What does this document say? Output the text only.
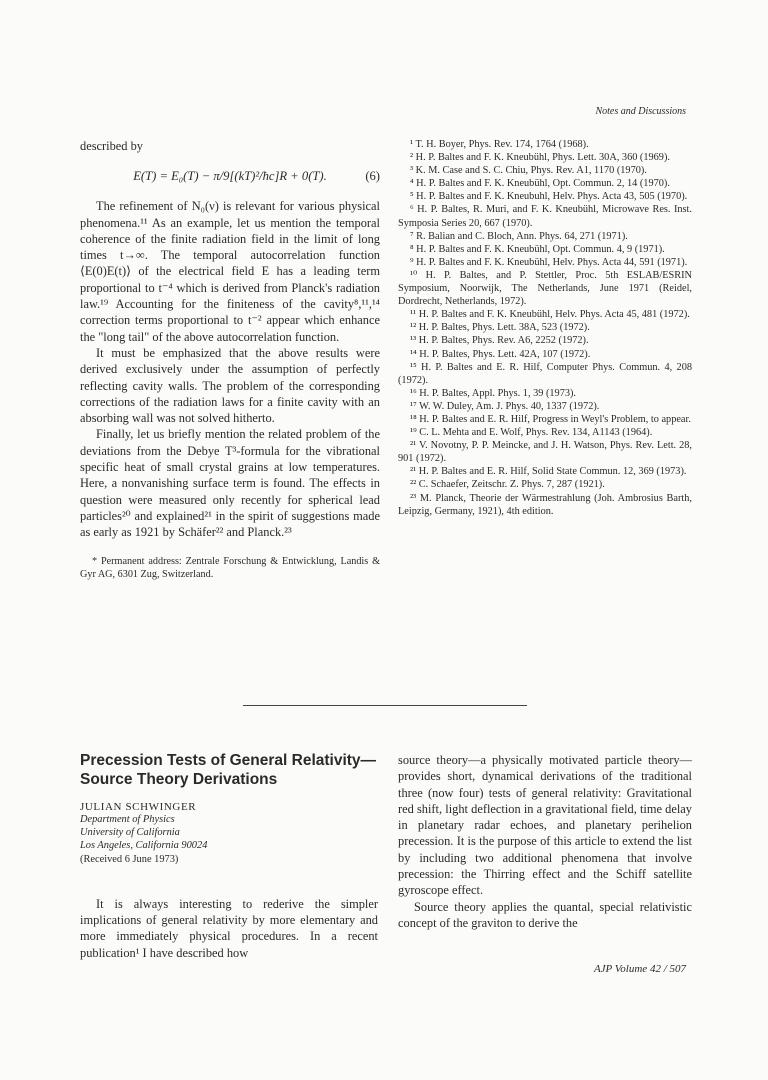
Notes and Discussions

described by

E(T) = E₀(T) − π/9[(kT)²/ħc]R + 0(T).	(6)

The refinement of N₀(ν) is relevant for various physical phenomena.¹¹ As an example, let us mention the temporal coherence of the finite radiation field in the limit of long times t→∞. The temporal autocorrelation function ⟨E(0)E(t)⟩ of the electrical field E has a leading term proportional to t⁻⁴ which is derived from Planck's radiation law.¹⁹ Accounting for the finiteness of the cavity⁸,¹¹,¹⁴ correction terms proportional to t⁻² appear which enhance the "long tail" of the above autocorrelation function.

It must be emphasized that the above results were derived exclusively under the assumption of perfectly reflecting cavity walls. The problem of the corresponding corrections of the radiation laws for a finite cavity with an absorbing wall was not solved hitherto.

Finally, let us briefly mention the related problem of the deviations from the Debye T³-formula for the vibrational specific heat of small crystal grains at low temperatures. Here, a nonvanishing surface term is found. The effects in question were measured only recently for spherical lead particles²⁰ and explained²¹ in the spirit of suggestions made as early as 1921 by Schäfer²² and Planck.²³

* Permanent address: Zentrale Forschung & Entwicklung, Landis & Gyr AG, 6301 Zug, Switzerland.

¹ T. H. Boyer, Phys. Rev. 174, 1764 (1968).
² H. P. Baltes and F. K. Kneubühl, Phys. Lett. 30A, 360 (1969).
³ K. M. Case and S. C. Chiu, Phys. Rev. A1, 1170 (1970).
⁴ H. P. Baltes and F. K. Kneubühl, Opt. Commun. 2, 14 (1970).
⁵ H. P. Baltes and F. K. Kneubuhl, Helv. Phys. Acta 43, 505 (1970).
⁶ H. P. Baltes, R. Muri, and F. K. Kneubühl, Microwave Res. Inst. Symposia Series 20, 667 (1970).
⁷ R. Balian and C. Bloch, Ann. Phys. 64, 271 (1971).
⁸ H. P. Baltes and F. K. Kneubühl, Opt. Commun. 4, 9 (1971).
⁹ H. P. Baltes and F. K. Kneubühl, Helv. Phys. Acta 44, 591 (1971).
¹⁰ H. P. Baltes, and P. Stettler, Proc. 5th ESLAB/ESRIN Symposium, Noorwijk, The Netherlands, June 1971 (Reidel, Dordrecht, Netherlands, 1972).
¹¹ H. P. Baltes and F. K. Kneubühl, Helv. Phys. Acta 45, 481 (1972).
¹² H. P. Baltes, Phys. Lett. 38A, 523 (1972).
¹³ H. P. Baltes, Phys. Rev. A6, 2252 (1972).
¹⁴ H. P. Baltes, Phys. Lett. 42A, 107 (1972).
¹⁵ H. P. Baltes and E. R. Hilf, Computer Phys. Commun. 4, 208 (1972).
¹⁶ H. P. Baltes, Appl. Phys. 1, 39 (1973).
¹⁷ W. W. Duley, Am. J. Phys. 40, 1337 (1972).
¹⁸ H. P. Baltes and E. R. Hilf, Progress in Weyl's Problem, to appear.
¹⁹ C. L. Mehta and E. Wolf, Phys. Rev. 134, A1143 (1964).
²¹ V. Novotny, P. P. Meincke, and J. H. Watson, Phys. Rev. Lett. 28, 901 (1972).
²¹ H. P. Baltes and E. R. Hilf, Solid State Commun. 12, 369 (1973).
²² C. Schaefer, Zeitschr. Z. Phys. 7, 287 (1921).
²³ M. Planck, Theorie der Wärmestrahlung (Joh. Ambrosius Barth, Leipzig, Germany, 1921), 4th edition.
Precession Tests of General Relativity—Source Theory Derivations
JULIAN SCHWINGER
Department of Physics
University of California
Los Angeles, California 90024
(Received 6 June 1973)

It is always interesting to rederive the simpler implications of general relativity by more elementary and more immediately physical procedures. In a recent publication¹ I have described how

source theory—a physically motivated particle theory—provides short, dynamical derivations of the traditional three (now four) tests of general relativity: Gravitational red shift, light deflection in a gravitational field, time delay in planetary radar echoes, and planetary perihelion precession. It is the purpose of this article to extend the list by including two additional phenomena that involve precession: the Thirring effect and the Schiff satellite gyroscope effect.

Source theory applies the quantal, special relativistic concept of the graviton to derive the

AJP Volume 42 / 507
